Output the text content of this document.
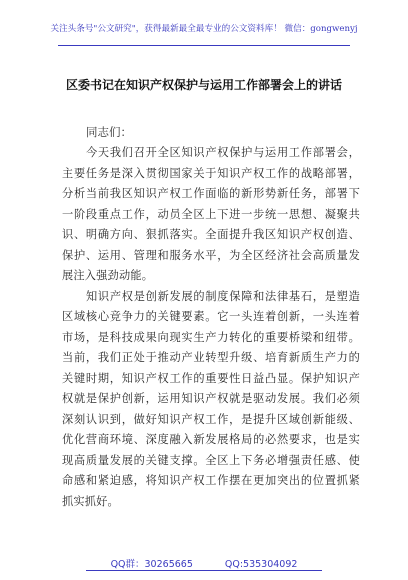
关注头条号"公文研究"，获得最新最全最专业的公文资料库！ 微信：gongwenyj
区委书记在知识产权保护与运用工作部署会上的讲话
同志们：
今天我们召开全区知识产权保护与运用工作部署会，
主要任务是深入贯彻国家关于知识产权工作的战略部署，
分析当前我区知识产权工作面临的新形势新任务，部署下
一阶段重点工作，动员全区上下进一步统一思想、凝聚共
识、明确方向、狠抓落实。全面提升我区知识产权创造、
保护、运用、管理和服务水平，为全区经济社会高质量发
展注入强劲动能。
知识产权是创新发展的制度保障和法律基石，是塑造
区域核心竞争力的关键要素。它一头连着创新，一头连着
市场，是科技成果向现实生产力转化的重要桥梁和纽带。
当前，我们正处于推动产业转型升级、培育新质生产力的
关键时期，知识产权工作的重要性日益凸显。保护知识产
权就是保护创新，运用知识产权就是驱动发展。我们必须
深刻认识到，做好知识产权工作，是提升区域创新能级、
优化营商环境、深度融入新发展格局的必然要求，也是实
现高质量发展的关键支撑。全区上下务必增强责任感、使
命感和紧迫感，将知识产权工作摆在更加突出的位置抓紧
抓实抓好。
QQ群：30265665	QQ:535304092
